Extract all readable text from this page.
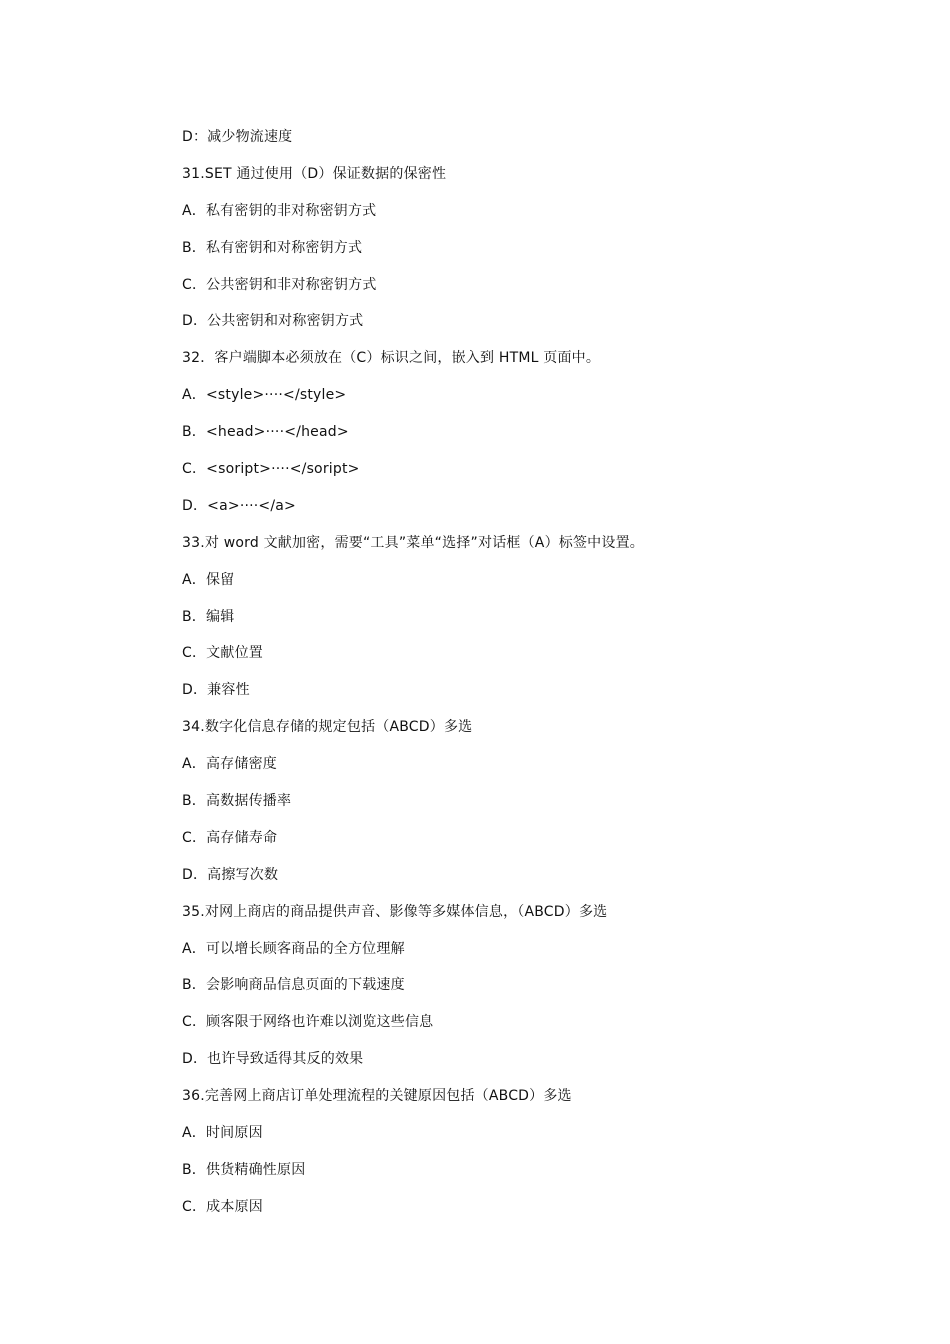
D：减少物流速度
31.SET 通过使用（D）保证数据的保密性
A．私有密钥的非对称密钥方式
B．私有密钥和对称密钥方式
C．公共密钥和非对称密钥方式
D．公共密钥和对称密钥方式
32．客户端脚本必须放在（C）标识之间，嵌入到 HTML 页面中。
A．<style>····</style>
B．<head>····</head>
C．<soript>····</soript>
D．<a>····</a>
33.对 word 文献加密，需要“工具”菜单“选择”对话框（A）标签中设置。
A．保留
B．编辑
C．文献位置
D．兼容性
34.数字化信息存储的规定包括（ABCD）多选
A．高存储密度
B．高数据传播率
C．高存储寿命
D．高擦写次数
35.对网上商店的商品提供声音、影像等多媒体信息，（ABCD）多选
A．可以增长顾客商品的全方位理解
B．会影响商品信息页面的下载速度
C．顾客限于网络也许难以浏览这些信息
D．也许导致适得其反的效果
36.完善网上商店订单处理流程的关键原因包括（ABCD）多选
A．时间原因
B．供货精确性原因
C．成本原因
